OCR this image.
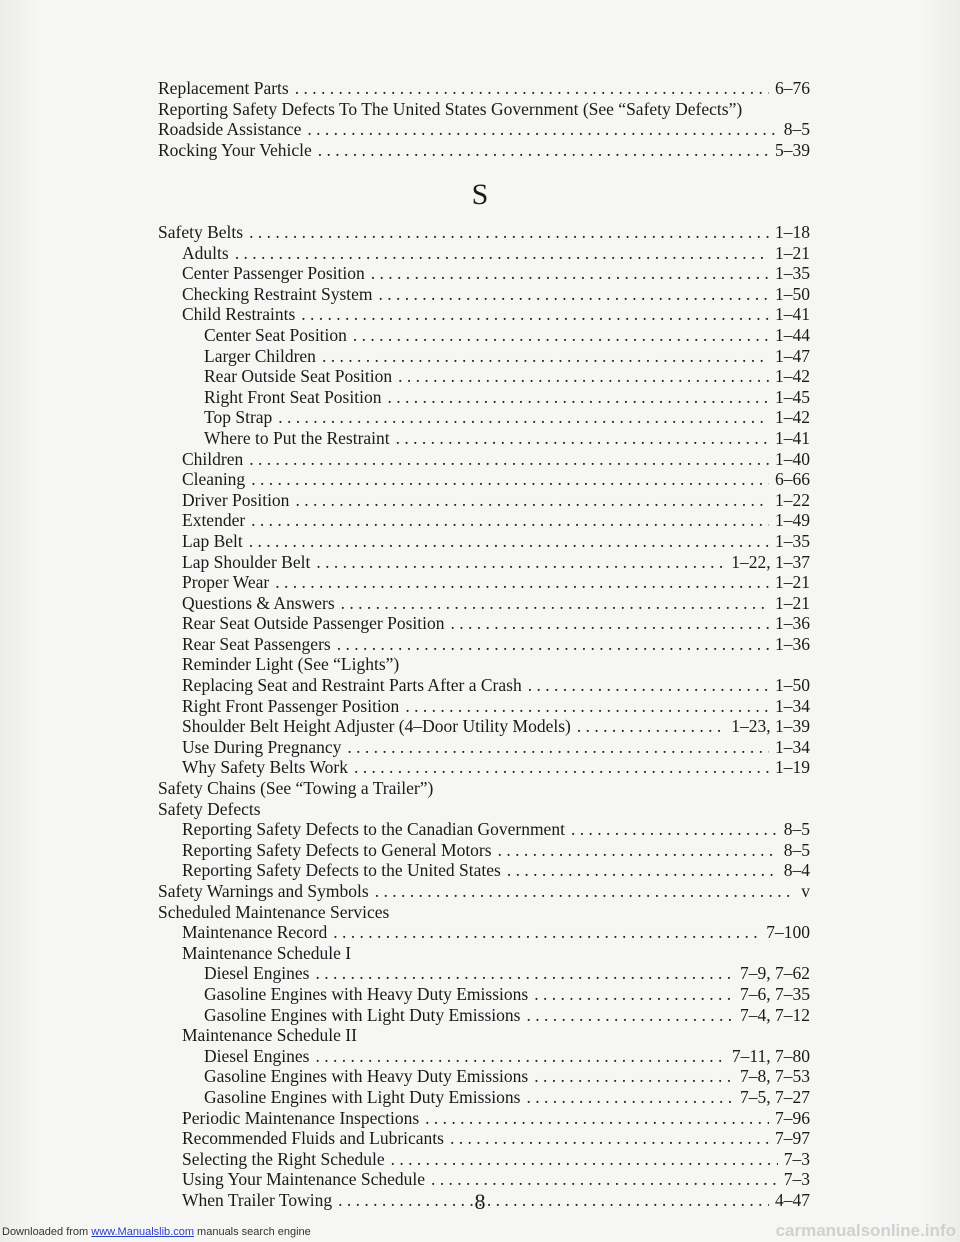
Replacement Parts . . .	6–76
Reporting Safety Defects To The United States Government (See “Safety Defects”)
Roadside Assistance . . .	8–5
Rocking Your Vehicle . . .	5–39
S
Safety Belts . . .	1–18
Adults . . .	1–21
Center Passenger Position . . .	1–35
Checking Restraint System . . .	1–50
Child Restraints . . .	1–41
Center Seat Position . . .	1–44
Larger Children . . .	1–47
Rear Outside Seat Position . . .	1–42
Right Front Seat Position . . .	1–45
Top Strap . . .	1–42
Where to Put the Restraint . . .	1–41
Children . . .	1–40
Cleaning . . .	6–66
Driver Position . . .	1–22
Extender . . .	1–49
Lap Belt . . .	1–35
Lap Shoulder Belt . . .	1–22, 1–37
Proper Wear . . .	1–21
Questions & Answers . . .	1–21
Rear Seat Outside Passenger Position . . .	1–36
Rear Seat Passengers . . .	1–36
Reminder Light (See “Lights”)
Replacing Seat and Restraint Parts After a Crash . . .	1–50
Right Front Passenger Position . . .	1–34
Shoulder Belt Height Adjuster (4–Door Utility Models) . . .	1–23, 1–39
Use During Pregnancy . . .	1–34
Why Safety Belts Work . . .	1–19
Safety Chains (See “Towing a Trailer”)
Safety Defects
Reporting Safety Defects to the Canadian Government . . .	8–5
Reporting Safety Defects to General Motors . . .	8–5
Reporting Safety Defects to the United States . . .	8–4
Safety Warnings and Symbols . . .	v
Scheduled Maintenance Services
Maintenance Record . . .	7–100
Maintenance Schedule I
Diesel Engines . . .	7–9, 7–62
Gasoline Engines with Heavy Duty Emissions . . .	7–6, 7–35
Gasoline Engines with Light Duty Emissions . . .	7–4, 7–12
Maintenance Schedule II
Diesel Engines . . .	7–11, 7–80
Gasoline Engines with Heavy Duty Emissions . . .	7–8, 7–53
Gasoline Engines with Light Duty Emissions . . .	7–5, 7–27
Periodic Maintenance Inspections . . .	7–96
Recommended Fluids and Lubricants . . .	7–97
Selecting the Right Schedule . . .	7–3
Using Your Maintenance Schedule . . .	7–3
When Trailer Towing . . .	4–47
8
Downloaded from www.Manualslib.com manuals search engine	carmanualsonline.info
